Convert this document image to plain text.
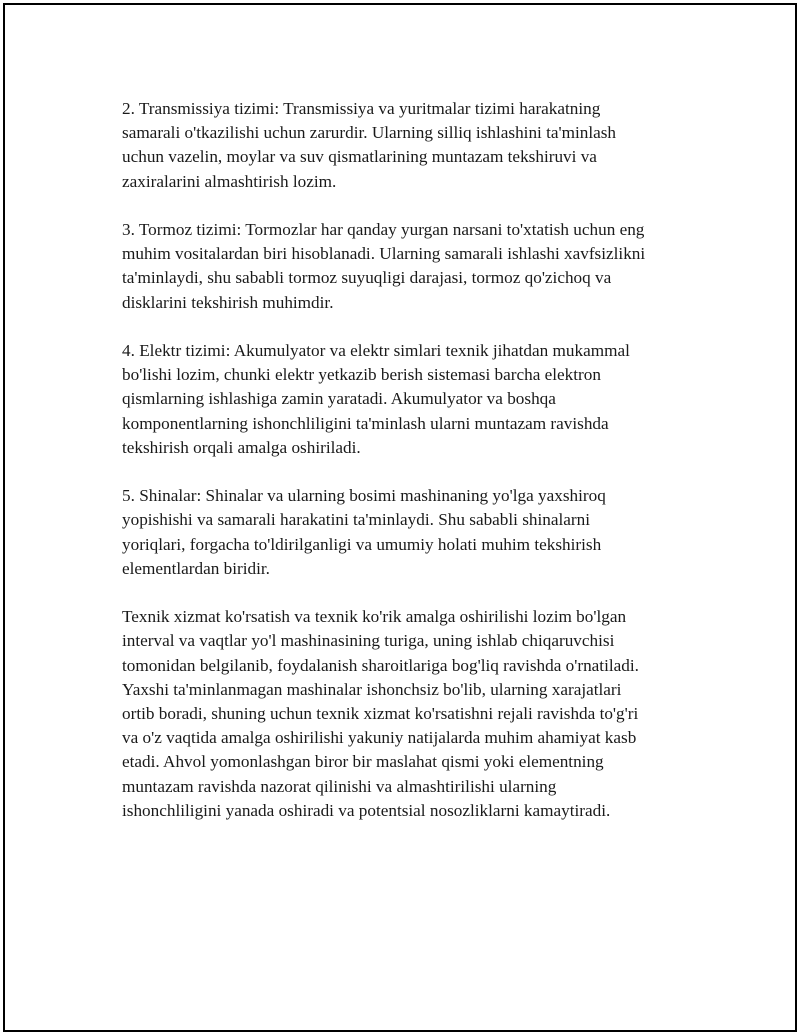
2. Transmissiya tizimi: Transmissiya va yuritmalar tizimi harakatning
samarali o'tkazilishi uchun zarurdir. Ularning silliq ishlashini ta'minlash
uchun vazelin, moylar va suv qismatlarining muntazam tekshiruvi va
zaxiralarini almashtirish lozim.

3. Tormoz tizimi: Tormozlar har qanday yurgan narsani to'xtatish uchun eng
muhim vositalardan biri hisoblanadi. Ularning samarali ishlashi xavfsizlikni
ta'minlaydi, shu sababli tormoz suyuqligi darajasi, tormoz qo'zichoq va
disklarini tekshirish muhimdir.

4. Elektr tizimi: Akumulyator va elektr simlari texnik jihatdan mukammal
bo'lishi lozim, chunki elektr yetkazib berish sistemasi barcha elektron
qismlarning ishlashiga zamin yaratadi. Akumulyator va boshqa
komponentlarning ishonchliligini ta'minlash ularni muntazam ravishda
tekshirish orqali amalga oshiriladi.

5. Shinalar: Shinalar va ularning bosimi mashinaning yo'lga yaxshiroq
yopishishi va samarali harakatini ta'minlaydi. Shu sababli shinalarni
yoriqlari, forgacha to'ldirilganligi va umumiy holati muhim tekshirish
elementlardan biridir.

Texnik xizmat ko'rsatish va texnik ko'rik amalga oshirilishi lozim bo'lgan
interval va vaqtlar yo'l mashinasining turiga, uning ishlab chiqaruvchisi
tomonidan belgilanib, foydalanish sharoitlariga bog'liq ravishda o'rnatiladi.
Yaxshi ta'minlanmagan mashinalar ishonchsiz bo'lib, ularning xarajatlari
ortib boradi, shuning uchun texnik xizmat ko'rsatishni rejali ravishda to'g'ri
va o'z vaqtida amalga oshirilishi yakuniy natijalarda muhim ahamiyat kasb
etadi. Ahvol yomonlashgan biror bir maslahat qismi yoki elementning
muntazam ravishda nazorat qilinishi va almashtirilishi ularning
ishonchliligini yanada oshiradi va potentsial nosozliklarni kamaytiradi.
